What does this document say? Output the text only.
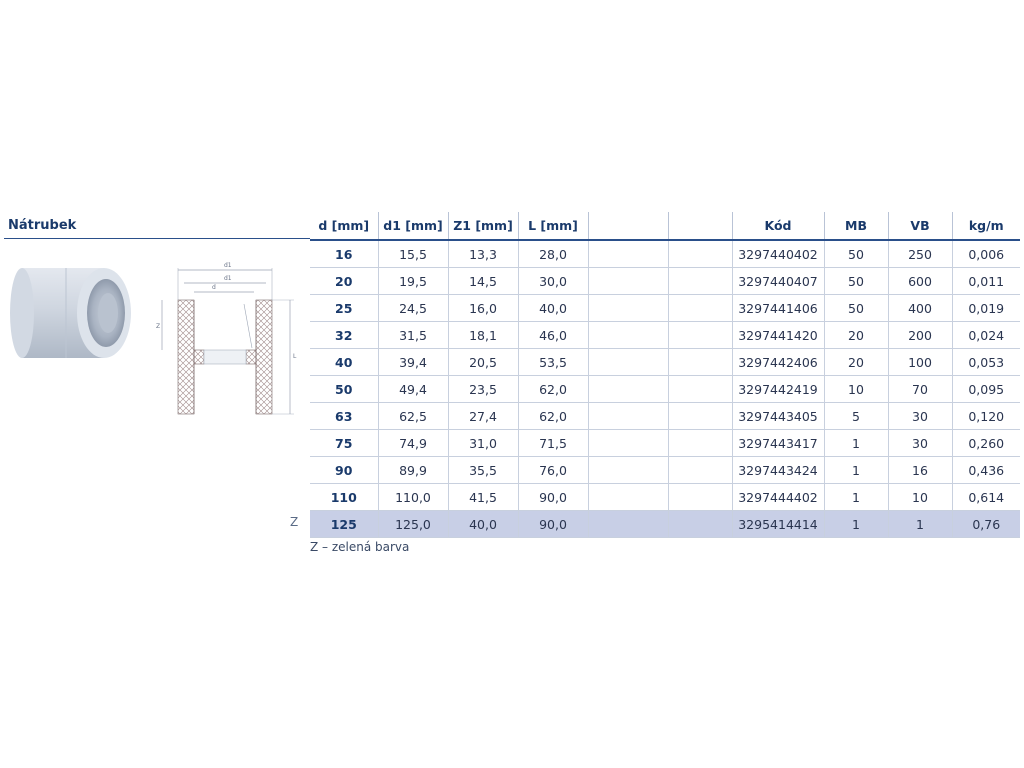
Nátrubek
d1
d1
d
Z
L
Z
d [mm]	d1 [mm]	Z1 [mm]	L [mm]			Kód	MB	VB	kg/m
16	15,5	13,3	28,0			3297440402	50	250	0,006
20	19,5	14,5	30,0			3297440407	50	600	0,011
25	24,5	16,0	40,0			3297441406	50	400	0,019
32	31,5	18,1	46,0			3297441420	20	200	0,024
40	39,4	20,5	53,5			3297442406	20	100	0,053
50	49,4	23,5	62,0			3297442419	10	70	0,095
63	62,5	27,4	62,0			3297443405	5	30	0,120
75	74,9	31,0	71,5			3297443417	1	30	0,260
90	89,9	35,5	76,0			3297443424	1	16	0,436
110	110,0	41,5	90,0			3297444402	1	10	0,614
125	125,0	40,0	90,0			3295414414	1	1	0,76
Z – zelená barva
